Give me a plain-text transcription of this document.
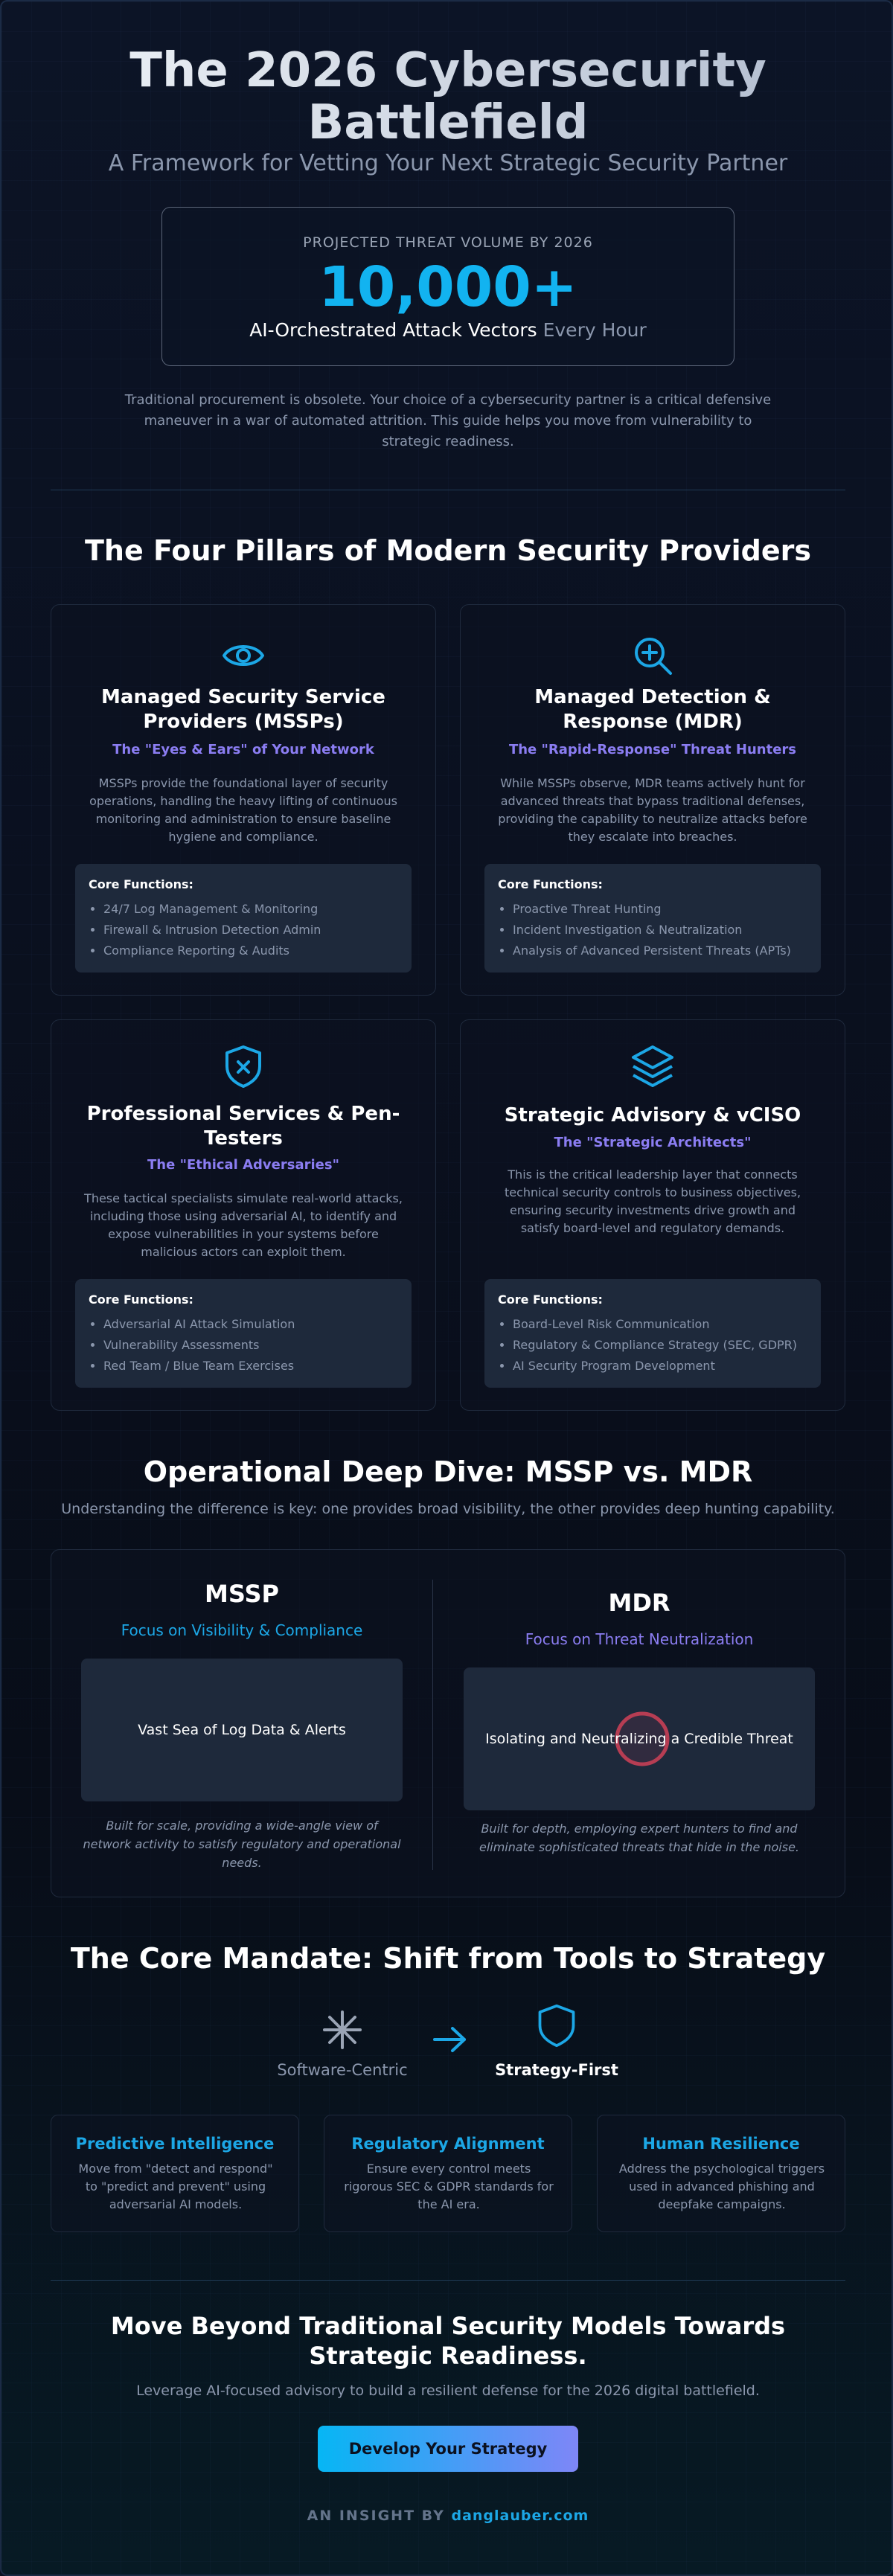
The 2026 Cybersecurity
Battlefield
A Framework for Vetting Your Next Strategic Security Partner
PROJECTED THREAT VOLUME BY 2026
10,000+
AI-Orchestrated Attack Vectors Every Hour
Traditional procurement is obsolete. Your choice of a cybersecurity partner is a critical defensive maneuver in a war of automated attrition. This guide helps you move from vulnerability to strategic readiness.
The Four Pillars of Modern Security Providers
Managed Security Service Providers (MSSPs)
The "Eyes & Ears" of Your Network
MSSPs provide the foundational layer of security operations, handling the heavy lifting of continuous monitoring and administration to ensure baseline hygiene and compliance.
Core Functions:
• 24/7 Log Management & Monitoring
• Firewall & Intrusion Detection Admin
• Compliance Reporting & Audits
Managed Detection & Response (MDR)
The "Rapid-Response" Threat Hunters
While MSSPs observe, MDR teams actively hunt for advanced threats that bypass traditional defenses, providing the capability to neutralize attacks before they escalate into breaches.
Core Functions:
• Proactive Threat Hunting
• Incident Investigation & Neutralization
• Analysis of Advanced Persistent Threats (APTs)
Professional Services & Pen-Testers
The "Ethical Adversaries"
These tactical specialists simulate real-world attacks, including those using adversarial AI, to identify and expose vulnerabilities in your systems before malicious actors can exploit them.
Core Functions:
• Adversarial AI Attack Simulation
• Vulnerability Assessments
• Red Team / Blue Team Exercises
Strategic Advisory & vCISO
The "Strategic Architects"
This is the critical leadership layer that connects technical security controls to business objectives, ensuring security investments drive growth and satisfy board-level and regulatory demands.
Core Functions:
• Board-Level Risk Communication
• Regulatory & Compliance Strategy (SEC, GDPR)
• AI Security Program Development
Operational Deep Dive: MSSP vs. MDR
Understanding the difference is key: one provides broad visibility, the other provides deep hunting capability.
MSSP
Focus on Visibility & Compliance
Vast Sea of Log Data & Alerts
Built for scale, providing a wide-angle view of network activity to satisfy regulatory and operational needs.
MDR
Focus on Threat Neutralization
Isolating and Neutralizing a Credible Threat
Built for depth, employing expert hunters to find and eliminate sophisticated threats that hide in the noise.
The Core Mandate: Shift from Tools to Strategy
Software-Centric	Strategy-First
Predictive Intelligence
Move from "detect and respond" to "predict and prevent" using adversarial AI models.
Regulatory Alignment
Ensure every control meets rigorous SEC & GDPR standards for the AI era.
Human Resilience
Address the psychological triggers used in advanced phishing and deepfake campaigns.
Move Beyond Traditional Security Models Towards
Strategic Readiness.
Leverage AI-focused advisory to build a resilient defense for the 2026 digital battlefield.
Develop Your Strategy
AN INSIGHT BY danglauber.com
